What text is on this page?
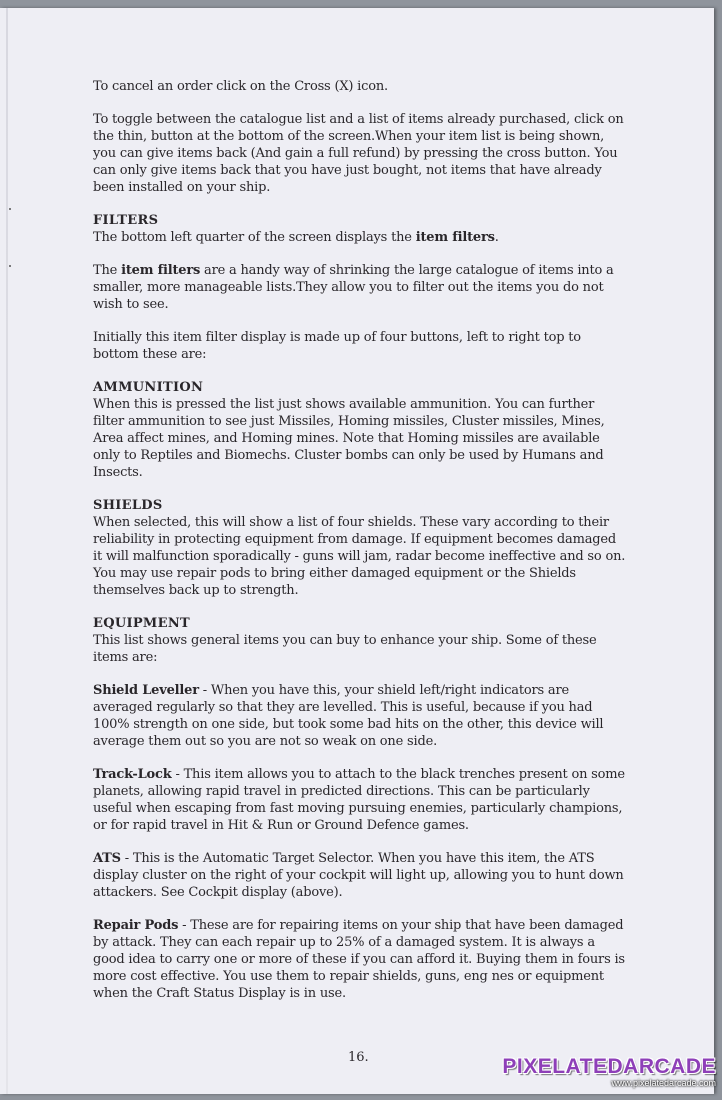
To cancel an order click on the Cross (X) icon.

To toggle between the catalogue list and a list of items already purchased, click on the thin, button at the bottom of the screen.When your item list is being shown, you can give items back (And gain a full refund) by pressing the cross button. You can only give items back that you have just bought, not items that have already been installed on your ship.

FILTERS

The bottom left quarter of the screen displays the item filters.

The item filters are a handy way of shrinking the large catalogue of items into a smaller, more manageable lists.They allow you to filter out the items you do not wish to see.

Initially this item filter display is made up of four buttons, left to right top to bottom these are:

AMMUNITION

When this is pressed the list just shows available ammunition. You can further filter ammunition to see just Missiles, Homing missiles, Cluster missiles, Mines, Area affect mines, and Homing mines. Note that Homing missiles are available only to Reptiles and Biomechs. Cluster bombs can only be used by Humans and Insects.

SHIELDS

When selected, this will show a list of four shields. These vary according to their reliability in protecting equipment from damage. If equipment becomes damaged it will malfunction sporadically - guns will jam, radar become ineffective and so on. You may use repair pods to bring either damaged equipment or the Shields themselves back up to strength.

EQUIPMENT

This list shows general items you can buy to enhance your ship. Some of these items are:

Shield Leveller - When you have this, your shield left/right indicators are averaged regularly so that they are levelled. This is useful, because if you had 100% strength on one side, but took some bad hits on the other, this device will average them out so you are not so weak on one side.

Track-Lock - This item allows you to attach to the black trenches present on some planets, allowing rapid travel in predicted directions. This can be particularly useful when escaping from fast moving pursuing enemies, particularly champions, or for rapid travel in Hit & Run or Ground Defence games.

ATS - This is the Automatic Target Selector. When you have this item, the ATS display cluster on the right of your cockpit will light up, allowing you to hunt down attackers. See Cockpit display (above).

Repair Pods - These are for repairing items on your ship that have been damaged by attack. They can each repair up to 25% of a damaged system. It is always a good idea to carry one or more of these if you can afford it. Buying them in fours is more cost effective. You use them to repair shields, guns, eng nes or equipment when the Craft Status Display is in use.

16.	PIXELATEDARCADE
www.pixelatedarcade.com
